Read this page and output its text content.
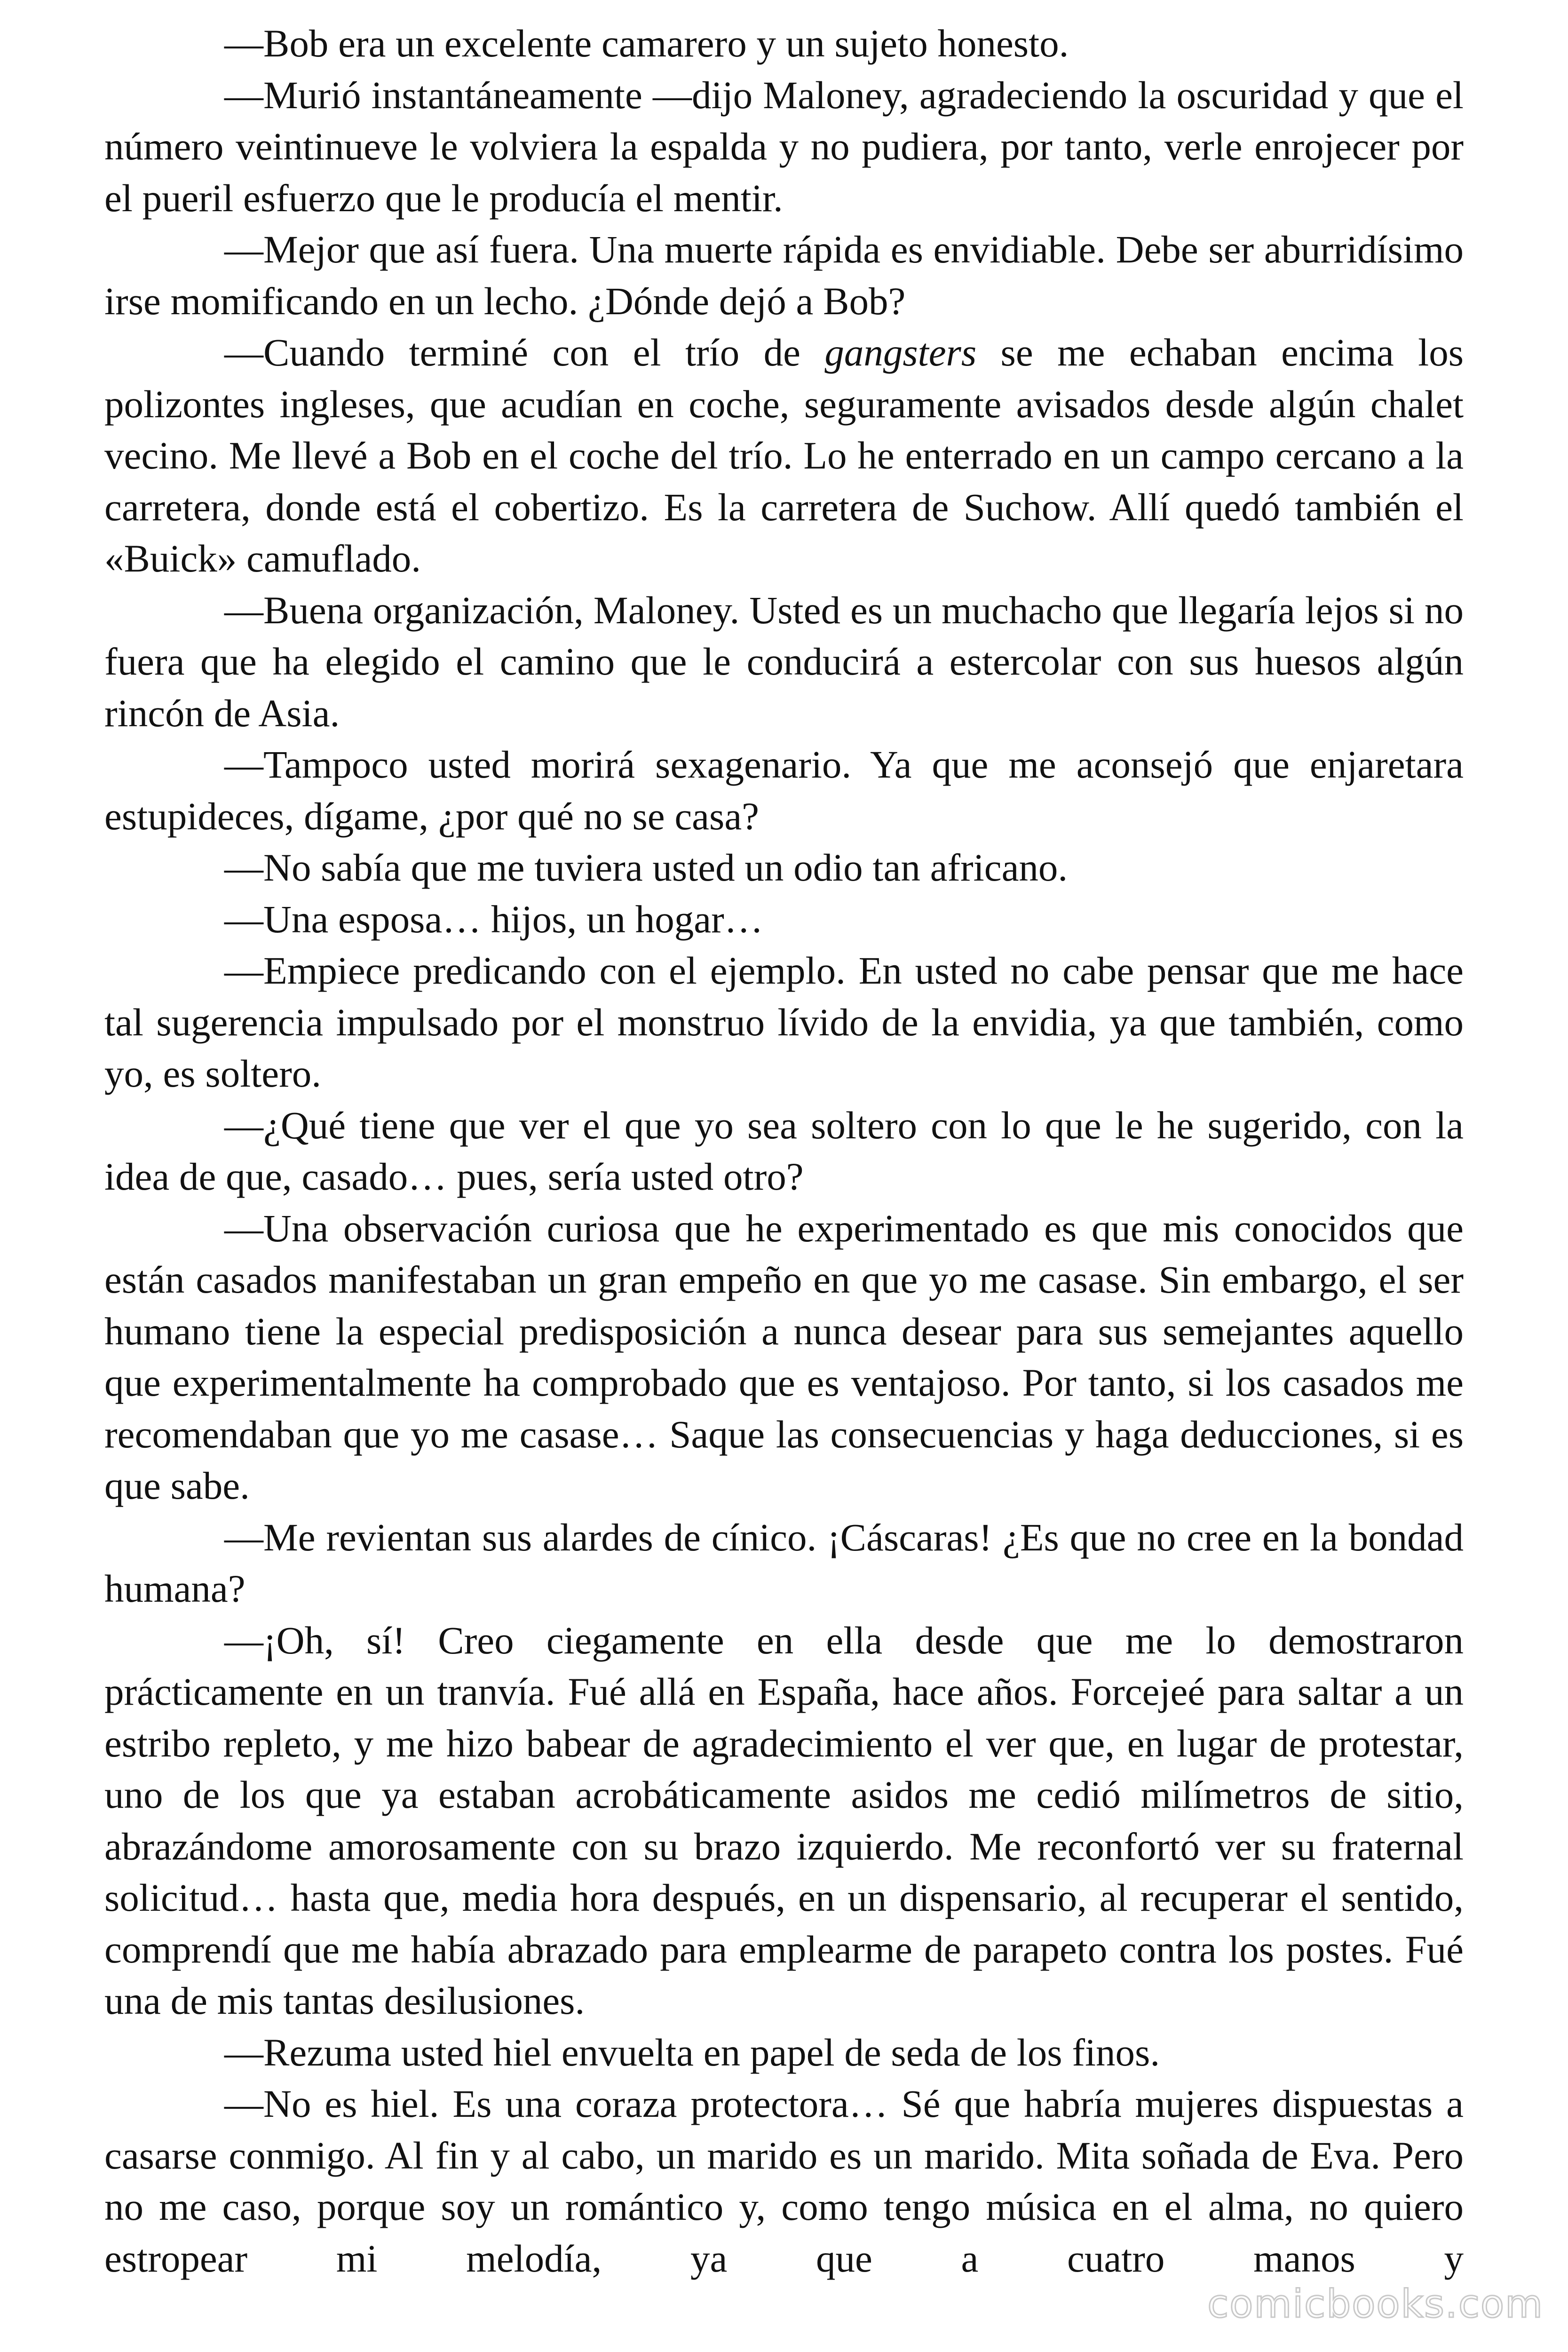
—Bob era un excelente camarero y un sujeto honesto.

—Murió instantáneamente —dijo Maloney, agradeciendo la oscuridad y que el número veintinueve le volviera la espalda y no pudiera, por tanto, verle enrojecer por el pueril esfuerzo que le producía el mentir.

—Mejor que así fuera. Una muerte rápida es envidiable. Debe ser aburridísimo irse momificando en un lecho. ¿Dónde dejó a Bob?

—Cuando terminé con el trío de gangsters se me echaban encima los polizontes ingleses, que acudían en coche, seguramente avisados desde algún chalet vecino. Me llevé a Bob en el coche del trío. Lo he enterrado en un campo cercano a la carretera, donde está el cobertizo. Es la carretera de Suchow. Allí quedó también el «Buick» camuflado.

—Buena organización, Maloney. Usted es un muchacho que llegaría lejos si no fuera que ha elegido el camino que le conducirá a estercolar con sus huesos algún rincón de Asia.

—Tampoco usted morirá sexagenario. Ya que me aconsejó que enjaretara estupideces, dígame, ¿por qué no se casa?

—No sabía que me tuviera usted un odio tan africano.

—Una esposa… hijos, un hogar…

—Empiece predicando con el ejemplo. En usted no cabe pensar que me hace tal sugerencia impulsado por el monstruo lívido de la envidia, ya que también, como yo, es soltero.

—¿Qué tiene que ver el que yo sea soltero con lo que le he sugerido, con la idea de que, casado… pues, sería usted otro?

—Una observación curiosa que he experimentado es que mis conocidos que están casados manifestaban un gran empeño en que yo me casase. Sin embargo, el ser humano tiene la especial predisposición a nunca desear para sus semejantes aquello que experimentalmente ha comprobado que es ventajoso. Por tanto, si los casados me recomendaban que yo me casase… Saque las consecuencias y haga deducciones, si es que sabe.

—Me revientan sus alardes de cínico. ¡Cáscaras! ¿Es que no cree en la bondad humana?

—¡Oh, sí! Creo ciegamente en ella desde que me lo demostraron prácticamente en un tranvía. Fué allá en España, hace años. Forcejeé para saltar a un estribo repleto, y me hizo babear de agradecimiento el ver que, en lugar de protestar, uno de los que ya estaban acrobáticamente asidos me cedió milímetros de sitio, abrazándome amorosamente con su brazo izquierdo. Me reconfortó ver su fraternal solicitud… hasta que, media hora después, en un dispensario, al recuperar el sentido, comprendí que me había abrazado para emplearme de parapeto contra los postes. Fué una de mis tantas desilusiones.

—Rezuma usted hiel envuelta en papel de seda de los finos.

—No es hiel. Es una coraza protectora… Sé que habría mujeres dispuestas a casarse conmigo. Al fin y al cabo, un marido es un marido. Mita soñada de Eva. Pero no me caso, porque soy un romántico y, como tengo música en el alma, no quiero estropear mi melodía, ya que a cuatro manos y

comicbooks.com
